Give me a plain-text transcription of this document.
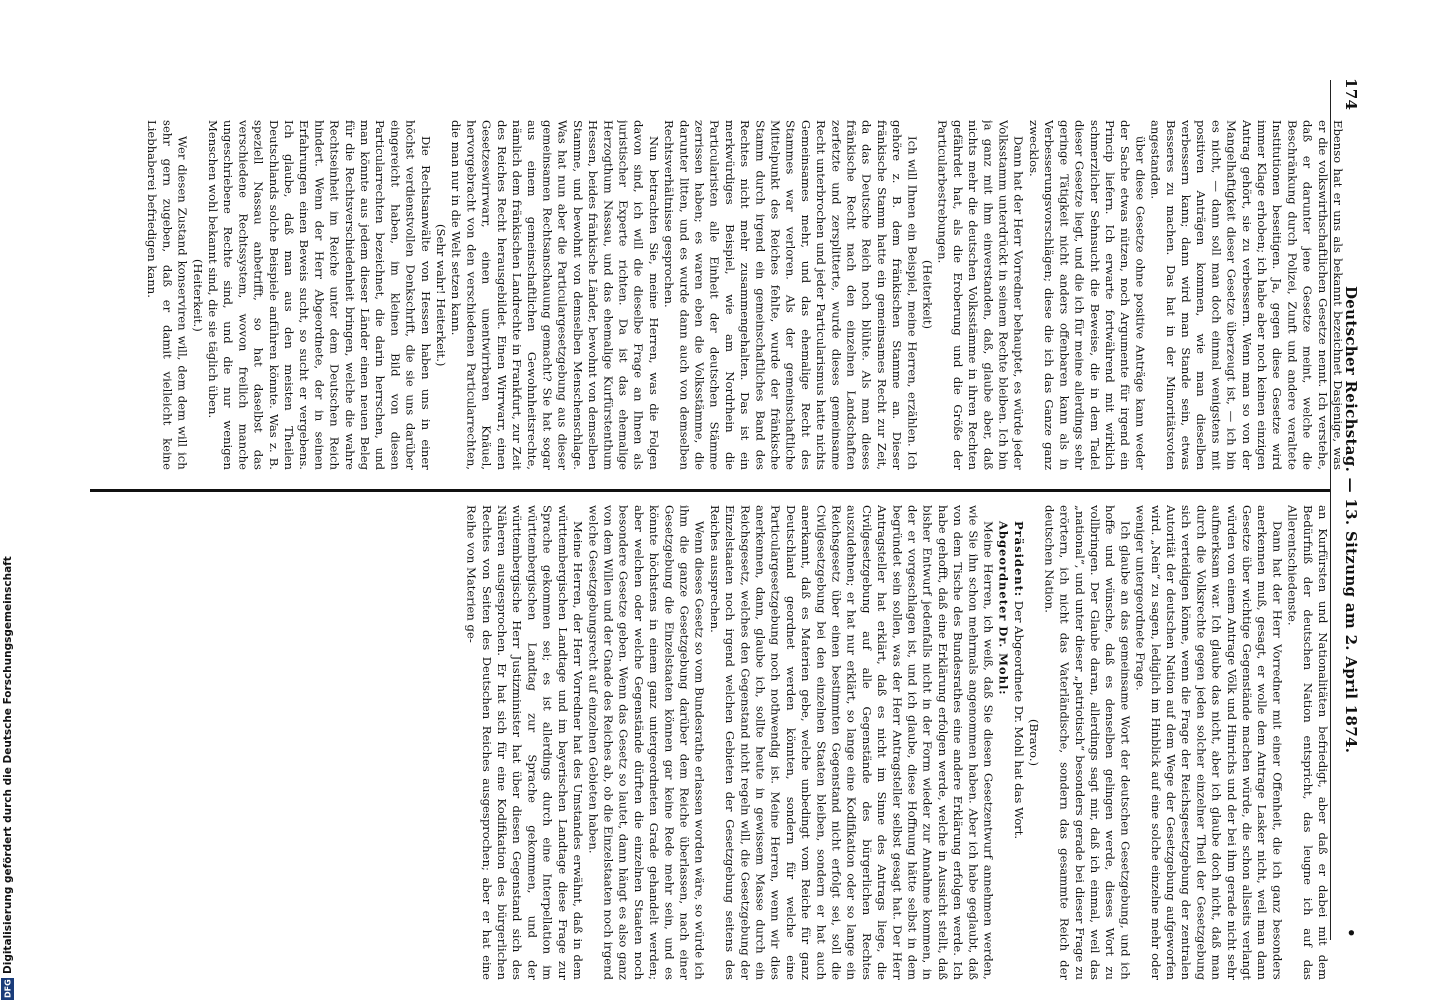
174
Deutscher Reichstag. — 13. Sitzung am 2. April 1874.
•

Ebenso hat er uns als bekannt bezeichnet Dasjenige, was er die volkswirthschaftlichen Gesetze nennt. Ich verstehe, daß er darunter jene Gesetze meint, welche die Beschränkung durch Polizei, Zunft und andere veraltete Institutionen beseitigen. Ja, gegen diese Gesetze wird immer Klage erhoben; ich habe aber noch keinen einzigen Antrag gehört, sie zu verbessern. Wenn man so von der Mangelhaftigkeit dieser Gesetze überzeugt ist, — ich bin es nicht, — dann soll man doch einmal wenigstens mit positiven Anträgen kommen, wie man dieselben verbessern kann; dann wird man Stande sein, etwas Besseres zu machen. Das hat in der Minoritätsvoten angestanden.

über diese Gesetze ohne positive Anträge kann weder der Sache etwas nützen, noch Argumente für irgend ein Princip liefern. Ich erwarte fortwährend mit wirklich schmerzlicher Sehnsucht die Beweise, die in dem Tadel dieser Gesetze liegt, und die ich für meine allerdings sehr geringe Tätigkeit nicht anders offenbaren kann als in Verbesserungsvorschlägen; diese die ich das Ganze ganz zwecklos.

Dann hat der Herr Vorredner behauptet, es würde jeder Volksstamm unterdrückt in seinem Rechte bleiben. Ich bin ja ganz mit ihm einverstanden, daß, glaube aber, daß nichts mehr die deutschen Volksstämme in ihren Rechten gefährdet hat, als die Eroberung und die Größe der Particularbestrebungen.

(Heiterkeit)

Ich will Ihnen ein Beispiel, meine Herren, erzählen. Ich gehöre z. B. dem fränkischen Stamme an. Dieser fränkische Stamm hatte ein gemeinsames Recht zur Zeit, da das Deutsche Reich noch blühte. Als man dieses fränkische Recht nach den einzelnen Landschaften zerfetzte und zersplitterte, wurde dieses gemeinsame Recht unterbrochen und jeder Particularismus hatte nichts Gemeinsames mehr, und das ehemalige Recht des Stammes war verloren. Als der gemeinschaftliche Mittelpunkt des Reiches fehlte, wurde der fränkische Stamm durch irgend ein gemeinschaftliches Band des Rechtes nicht mehr zusammengehalten. Das ist ein merkwürdiges Beispiel, wie am Nordrhein die Particularisten alle Einheit der deutschen Stämme zerrissen haben; es waren eben die Volksstämme, die darunter litten, und es wurde dann auch von demselben Rechtsverhältnisse gesprochen.

Nun betrachten Sie, meine Herren, was die Folgen davon sind, ich will die dieselbe Frage an Ihnen als juristischer Experte richten. Da ist das ehemalige Herzogthum Nassau, und das ehemalige Kurfürstenthum Hessen, beides fränkische Länder, bewohnt von demselben Stamme, und bewohnt von demselben Menschenschlage. Was hat nun aber die Particulargesetzgebung aus dieser gemeinsamen Rechtsanschauung gemacht? Sie hat sogar aus einem gemeinschaftlichen Gewohnheitsrechte, nämlich dem fränkischen Landrechte in Frankfurt, zur Zeit des Reiches Recht herausgebildet. Einen Wirrwarr, einen Gesetzeswirrwarr, einen unentwirrbaren Knäuel, hervorgebracht von den verschiedenen Particularrechten, die man nur in die Welt setzen kann.

(Sehr wahr! Heiterkeit.)

Die Rechtsanwälte von Hessen haben uns in einer höchst verdienstvollen Denkschrift, die sie uns darüber eingereicht haben, im kleinen Bild von diesen Particularrechten bezeichnet, die darin herrschen, und man könnte aus jedem dieser Länder einen neuen Beleg für die Rechtsverschiedenheit bringen, welche die wahre Rechtseinheit im Reiche unter dem Deutschen Reich hindert. Wenn der Herr Abgeordnete, der in seinen Erfahrungen einen Beweis sucht, so sucht er vergebens. Ich glaube, daß man aus den meisten Theilen Deutschlands solche Beispiele anführen könnte. Was z. B. speziell Nassau anbetrifft, so hat daselbst das verschiedene Rechtssystem, wovon freilich manche ungeschriebene Rechte sind, und die nur wenigen Menschen wohl bekannt sind, die sie täglich üben.

(Heiterkeit.)

Wer diesen Zustand konserviren will, dem dem will ich sehr gern zugeben, daß er damit vielleicht keine Liebhaberei befriedigen kann.

an Kurfürsten und Nationalitäten befriedigt, aber daß er dabei mit dem Bedürfniß der deutschen Nation entspricht, das leugne ich auf das Allerentschiedenste.

Dann hat der Herr Vorredner mit einer Offenheit, die ich ganz besonders anerkennen muß, gesagt, er wolle dem Antrage Lasker nicht, weil man dann Gesetze über wichtige Gegenstände machen würde, die schon allseits verlangt würden von einem Antrage Völk und Hinrichs und der bei ihm gerade nicht sehr aufmerksam war. Ich glaube das nicht, aber ich glaube doch nicht, daß man durch die Volksrechte gegen jeden solcher einzelner Theil der Gesetzgebung sich verteidigen könne, wenn die Frage der Reichsgesetzgebung der zentralen Autorität der deutschen Nation auf dem Wege der Gesetzgebung aufgeworfen wird. „Nein“ zu sagen, lediglich im Hinblick auf eine solche einzelne mehr oder weniger untergeordnete Frage.

Ich glaube an das gemeinsame Wort der deutschen Gesetzgebung, und ich hoffe und wünsche, daß es denselben gelingen werde, dieses Wort zu vollbringen. Der Glaube daran, allerdings sagt mir, daß ich einmal, weil das „national“, und unter dieser „patriotisch“ besonders gerade bei dieser Frage zu erörtern, ich nicht das Vaterländische, sondern das gesammte Reich der deutschen Nation.

(Bravo.)

Präsident: Der Abgeordnete Dr. Mohl hat das Wort.

Abgeordneter Dr. Mohl:

Meine Herren, ich weiß, daß Sie diesen Gesetzentwurf annehmen werden, wie Sie ihn schon mehrmals angenommen haben. Aber ich habe geglaubt, daß von dem Tische des Bundesrathes eine andere Erklärung erfolgen werde. Ich habe gehofft, daß eine Erklärung erfolgen werde, welche in Aussicht stellt, daß bisher Entwurf jedenfalls nicht in der Form wieder zur Annahme kommen, in der er vorgeschlagen ist, und ich glaube, diese Hoffnung hätte selbst in dem begründet sein sollen, was der Herr Antragsteller selbst gesagt hat. Der Herr Antragsteller hat erklärt, daß es nicht im Sinne des Antrags liege, die Civilgesetzgebung auf alle Gegenstände des bürgerlichen Rechtes auszudehnen; er hat nur erklärt, so lange eine Kodifikation oder so lange ein Reichsgesetz über einen bestimmten Gegenstand nicht erfolgt sei, soll die Civilgesetzgebung bei den einzelnen Staaten bleiben, sondern er hat auch anerkannt, daß es Materien gebe, welche unbedingt vom Reiche für ganz Deutschland geordnet werden könnten, sondern für welche eine Particulargesetzgebung noch nothwendig ist. Meine Herren, wenn wir dies anerkennen, dann, glaube ich, sollte heute in gewissem Masse durch ein Reichsgesetz, welches den Gegenstand nicht regeln will, die Gesetzgebung der Einzelstaaten noch irgend welchen Gebieten der Gesetzgebung seitens des Reiches aussprechen.

Wenn dieses Gesetz so vom Bundesrathe erlassen worden wäre, so würde ich ihm die ganze Gesetzgebung darüber dem Reiche überlassen, nach einer Gesetzgebung die Einzelstaaten können gar keine Rede mehr sein, und es könnte höchstens in einem ganz untergeordneten Grade gehandelt werden; aber welchen oder welche Gegenstände dürften die einzelnen Staaten noch besondere Gesetze geben. Wenn das Gesetz so lautet, dann hängt es also ganz von dem Willen und der Gnade des Reiches ab, ob die Einzelstaaten noch irgend welche Gesetzgebungsrecht auf einzelnen Gebieten haben.

Meine Herren, der Herr Vorredner hat des Umstandes erwähnt, daß in dem württembergischen Landtage und im bayerischen Landtage diese Frage zur Sprache gekommen sei; es ist allerdings durch eine Interpellation im württembergischen Landtag zur Sprache gekommen, und der württembergische Herr Justizminister hat über diesen Gegenstand sich des Näheren ausgesprochen. Er hat sich für eine Kodifikation des bürgerlichen Rechtes von Seiten des Deutschen Reiches ausgesprochen; aber er hat eine Reihe von Materien ge-

DFG
Digitalisierung gefördert durch die Deutsche Forschungsgemeinschaft
